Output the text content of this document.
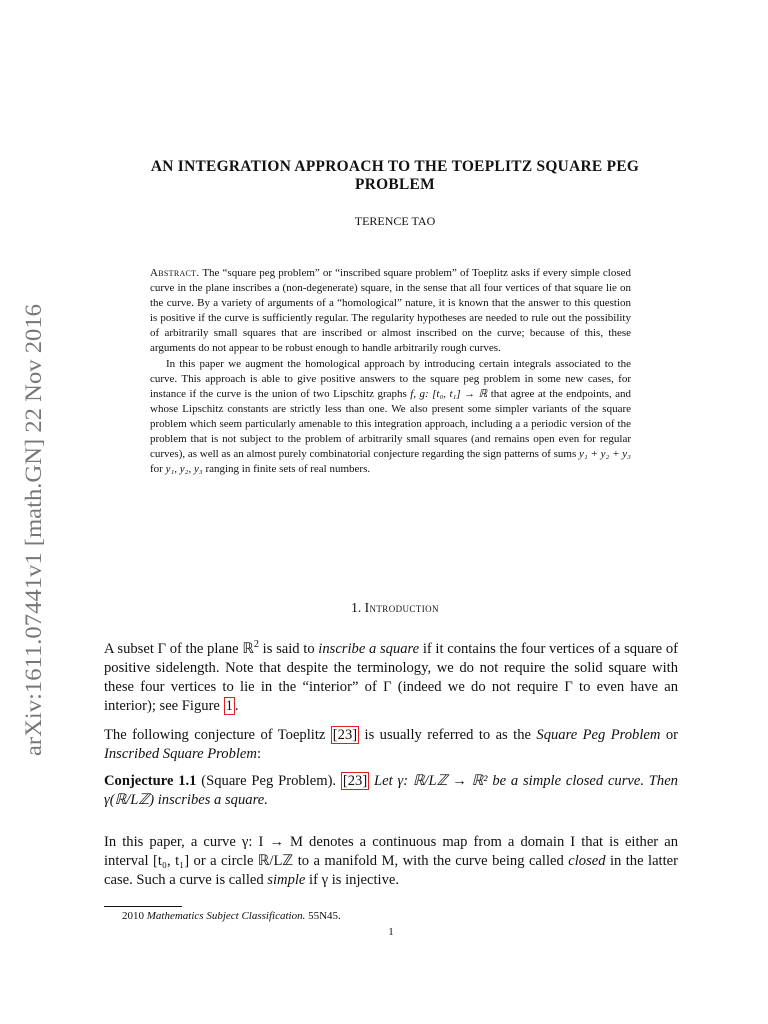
arXiv:1611.07441v1 [math.GN] 22 Nov 2016
AN INTEGRATION APPROACH TO THE TOEPLITZ SQUARE PEG
PROBLEM
TERENCE TAO

Abstract. The “square peg problem” or “inscribed square problem” of Toeplitz asks if every simple closed curve in the plane inscribes a (non-degenerate) square, in the sense that all four vertices of that square lie on the curve. By a variety of arguments of a “homological” nature, it is known that the answer to this question is positive if the curve is sufficiently regular. The regularity hypotheses are needed to rule out the possibility of arbitrarily small squares that are inscribed or almost inscribed on the curve; because of this, these arguments do not appear to be robust enough to handle arbitrarily rough curves.

In this paper we augment the homological approach by introducing certain integrals associated to the curve. This approach is able to give positive answers to the square peg problem in some new cases, for instance if the curve is the union of two Lipschitz graphs f, g: [t₀, t₁] → ℝ that agree at the endpoints, and whose Lipschitz constants are strictly less than one. We also present some simpler variants of the square problem which seem particularly amenable to this integration approach, including a a periodic version of the problem that is not subject to the problem of arbitrarily small squares (and remains open even for regular curves), as well as an almost purely combinatorial conjecture regarding the sign patterns of sums y₁ + y₂ + y₃ for y₁, y₂, y₃ ranging in finite sets of real numbers.

1. Introduction

A subset Γ of the plane ℝ$^2$ is said to inscribe a square if it contains the four vertices of a square of positive sidelength. Note that despite the terminology, we do not require the solid square with these four vertices to lie in the “interior” of Γ (indeed we do not require Γ to even have an interior); see Figure 1 .

The following conjecture of Toeplitz [23] is usually referred to as the Square Peg Problem or Inscribed Square Problem:

Conjecture 1.1 (Square Peg Problem). [23] Let γ: ℝ/Lℤ → ℝ² be a simple closed curve. Then γ(ℝ/Lℤ) inscribes a square.

In this paper, a curve γ: I → M denotes a continuous map from a domain I that is either an interval [t₀, t₁] or a circle ℝ/Lℤ to a manifold M, with the curve being called closed in the latter case. Such a curve is called simple if γ is injective.

2010 Mathematics Subject Classification. 55N45.
1
